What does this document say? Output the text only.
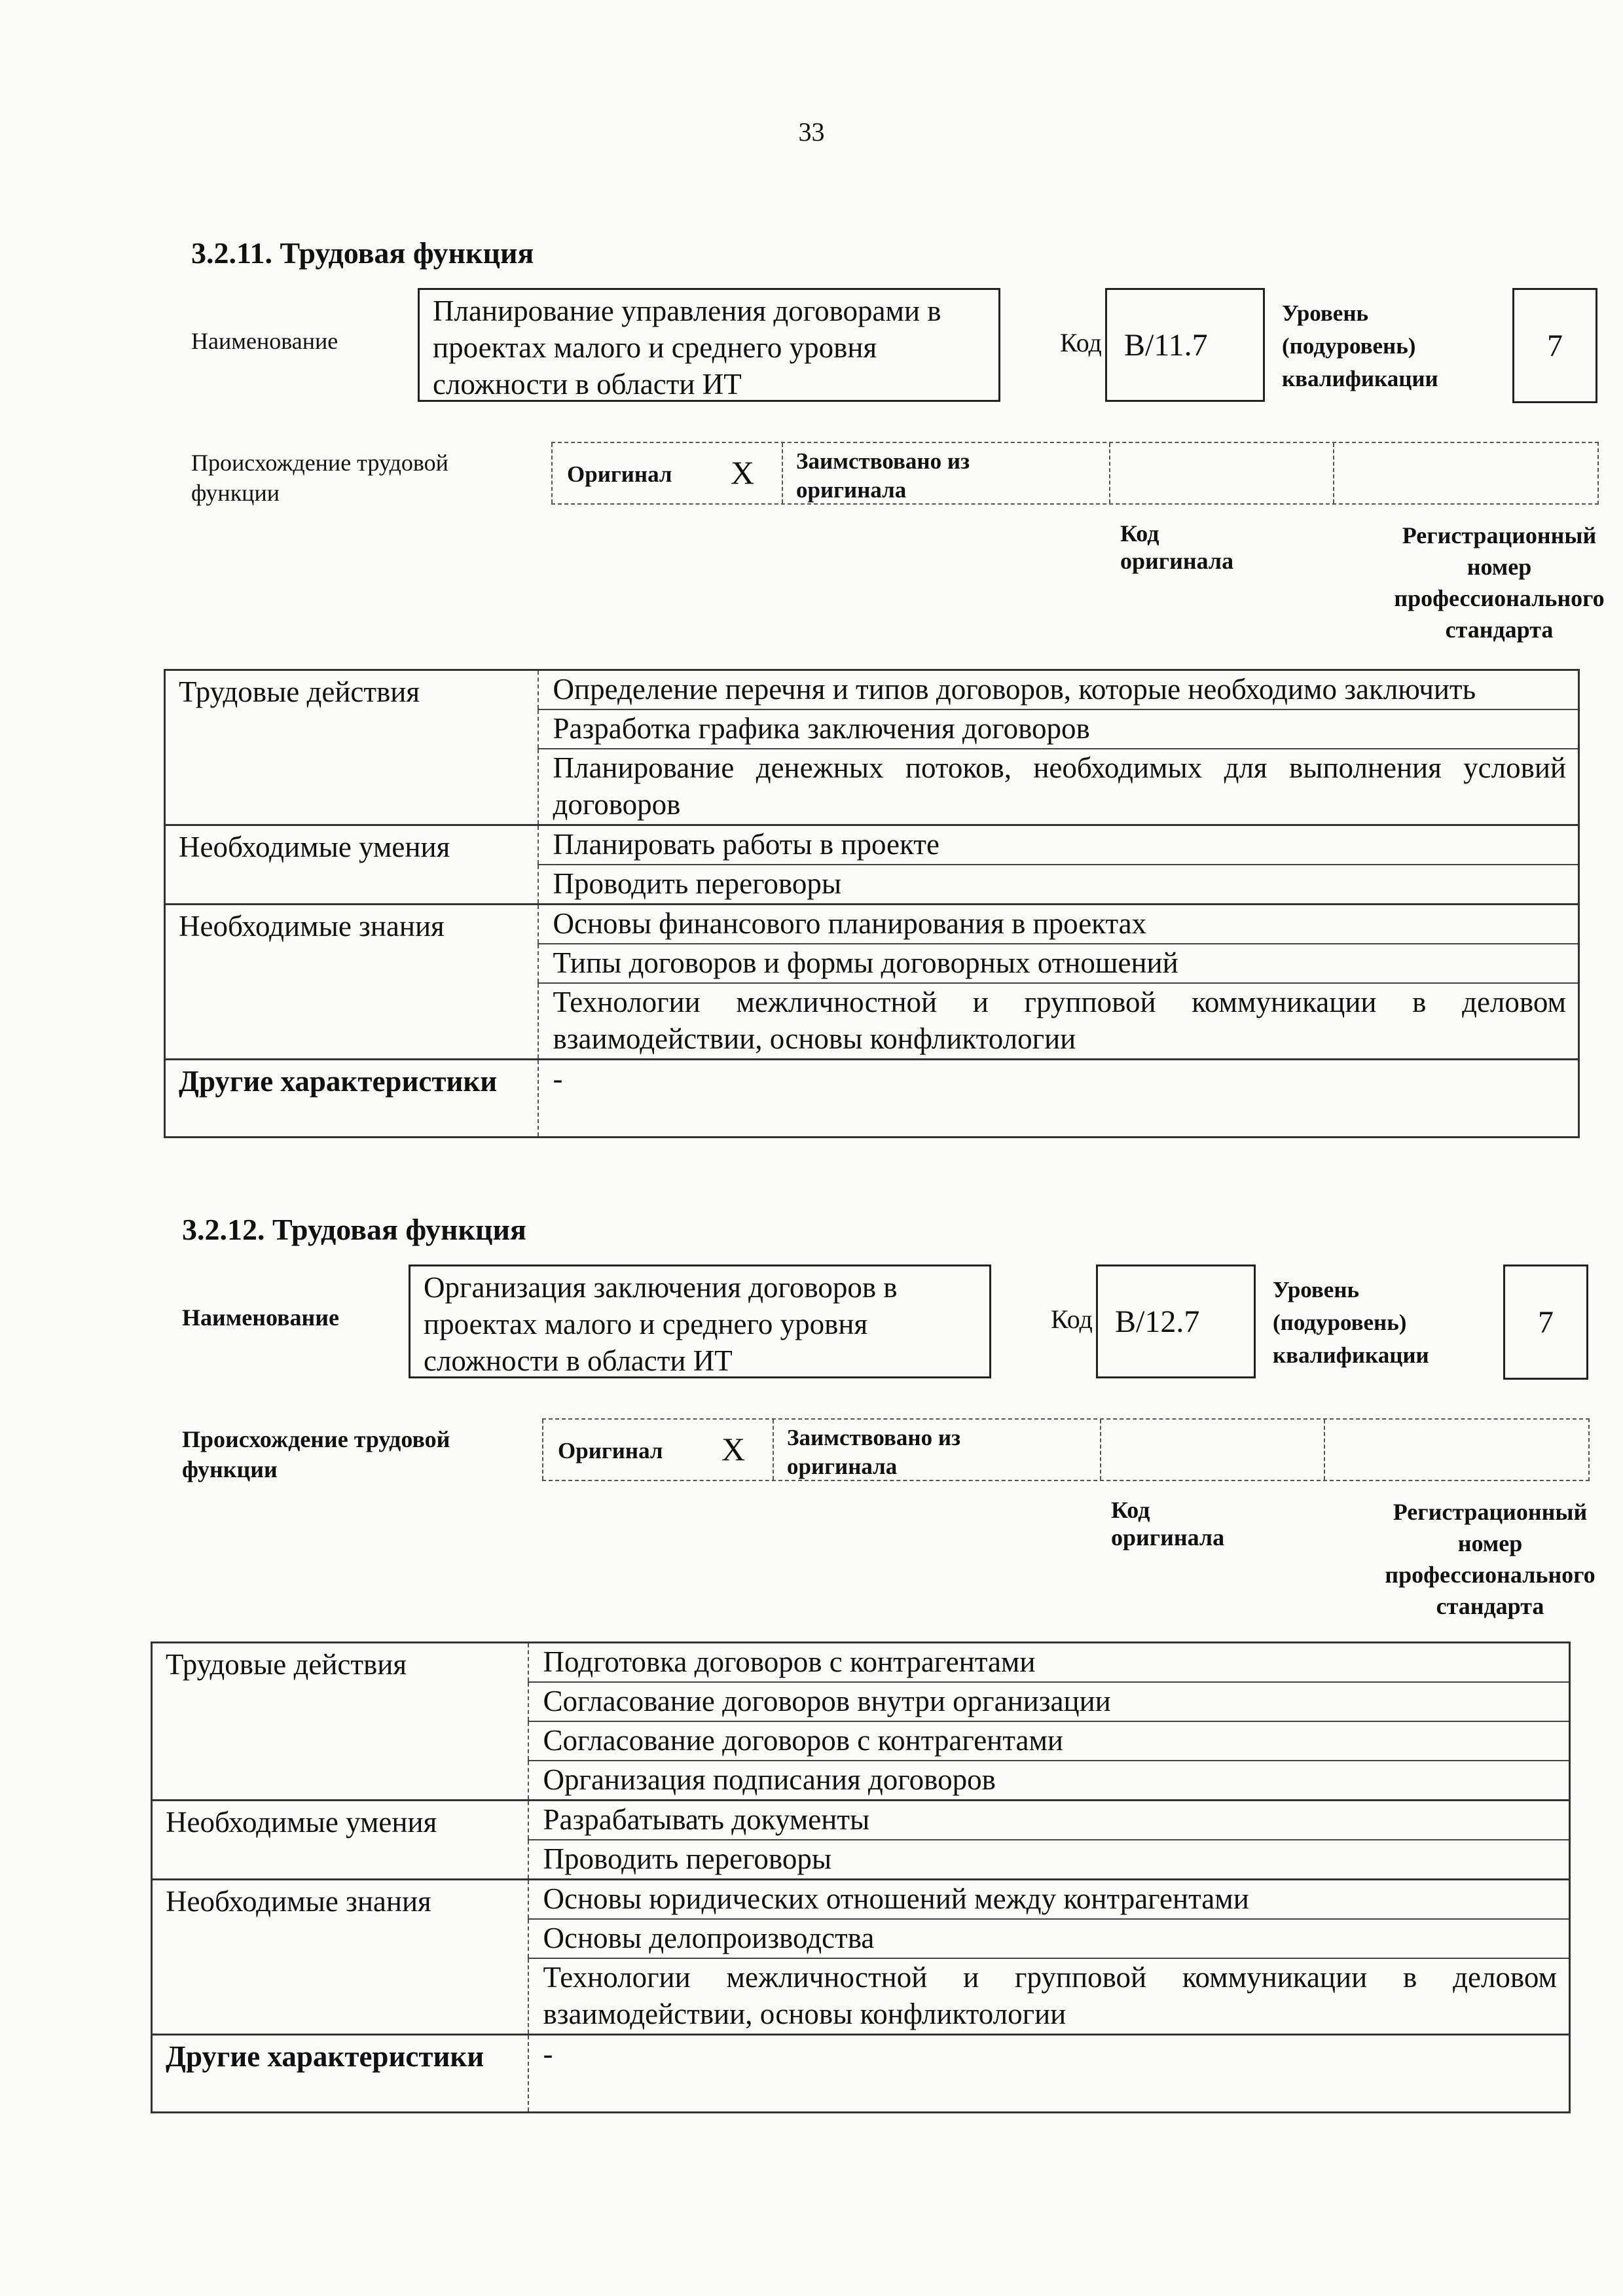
33
3.2.11. Трудовая функция
Наименование
Планирование управления договорами в проектах малого и среднего уровня сложности в области ИТ
Код B/11.7
Уровень (подуровень) квалификации
7
Происхождение трудовой функции
Оригинал X Заимствовано из оригинала
Код оригинала
Регистрационный номер профессионального стандарта
Трудовые действия	Определение перечня и типов договоров, которые необходимо заключить
	Разработка графика заключения договоров
	Планирование денежных потоков, необходимых для выполнения условий договоров
Необходимые умения	Планировать работы в проекте
	Проводить переговоры
Необходимые знания	Основы финансового планирования в проектах
	Типы договоров и формы договорных отношений
	Технологии межличностной и групповой коммуникации в деловом взаимодействии, основы конфликтологии
Другие характеристики	-
3.2.12. Трудовая функция
Наименование
Организация заключения договоров в проектах малого и среднего уровня сложности в области ИТ
Код B/12.7
Уровень (подуровень) квалификации
7
Происхождение трудовой функции
Оригинал X Заимствовано из оригинала
Код оригинала
Регистрационный номер профессионального стандарта
Трудовые действия	Подготовка договоров с контрагентами
	Согласование договоров внутри организации
	Согласование договоров с контрагентами
	Организация подписания договоров
Необходимые умения	Разрабатывать документы
	Проводить переговоры
Необходимые знания	Основы юридических отношений между контрагентами
	Основы делопроизводства
	Технологии межличностной и групповой коммуникации в деловом взаимодействии, основы конфликтологии
Другие характеристики	-
